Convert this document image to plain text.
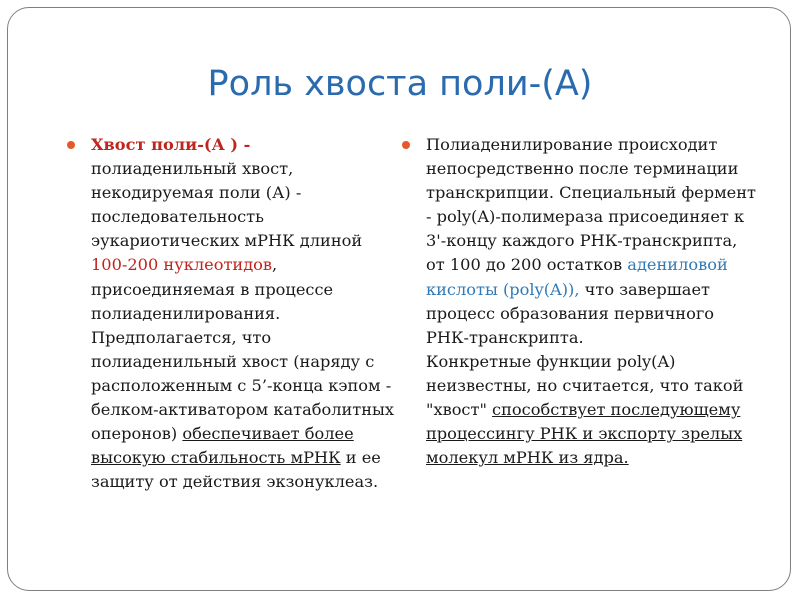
Роль хвоста поли-(А)

Хвост поли-(А ) - полиаденильный хвост, некодируемая поли (А) - последовательность эукариотических мРНК длиной 100-200 нуклеотидов, присоединяемая в процессе полиаденилирования. Предполагается, что полиаденильный хвост (наряду с расположенным с 5’-конца кэпом - белком-активатором катаболитных оперонов) обеспечивает более высокую стабильность мРНК и ее защиту от действия экзонуклеаз.

Полиаденилирование происходит непосредственно после терминации транскрипции. Специальный фермент - poly(A)-полимераза присоединяет к 3'-концу каждого РНК-транскрипта, от 100 до 200 остатков адениловой кислоты (poly(A)), что завершает процесс образования первичного РНК-транскрипта.

Конкретные функции poly(A) неизвестны, но считается, что такой "хвост" способствует последующему процессингу РНК и экспорту зрелых молекул мРНК из ядра.
